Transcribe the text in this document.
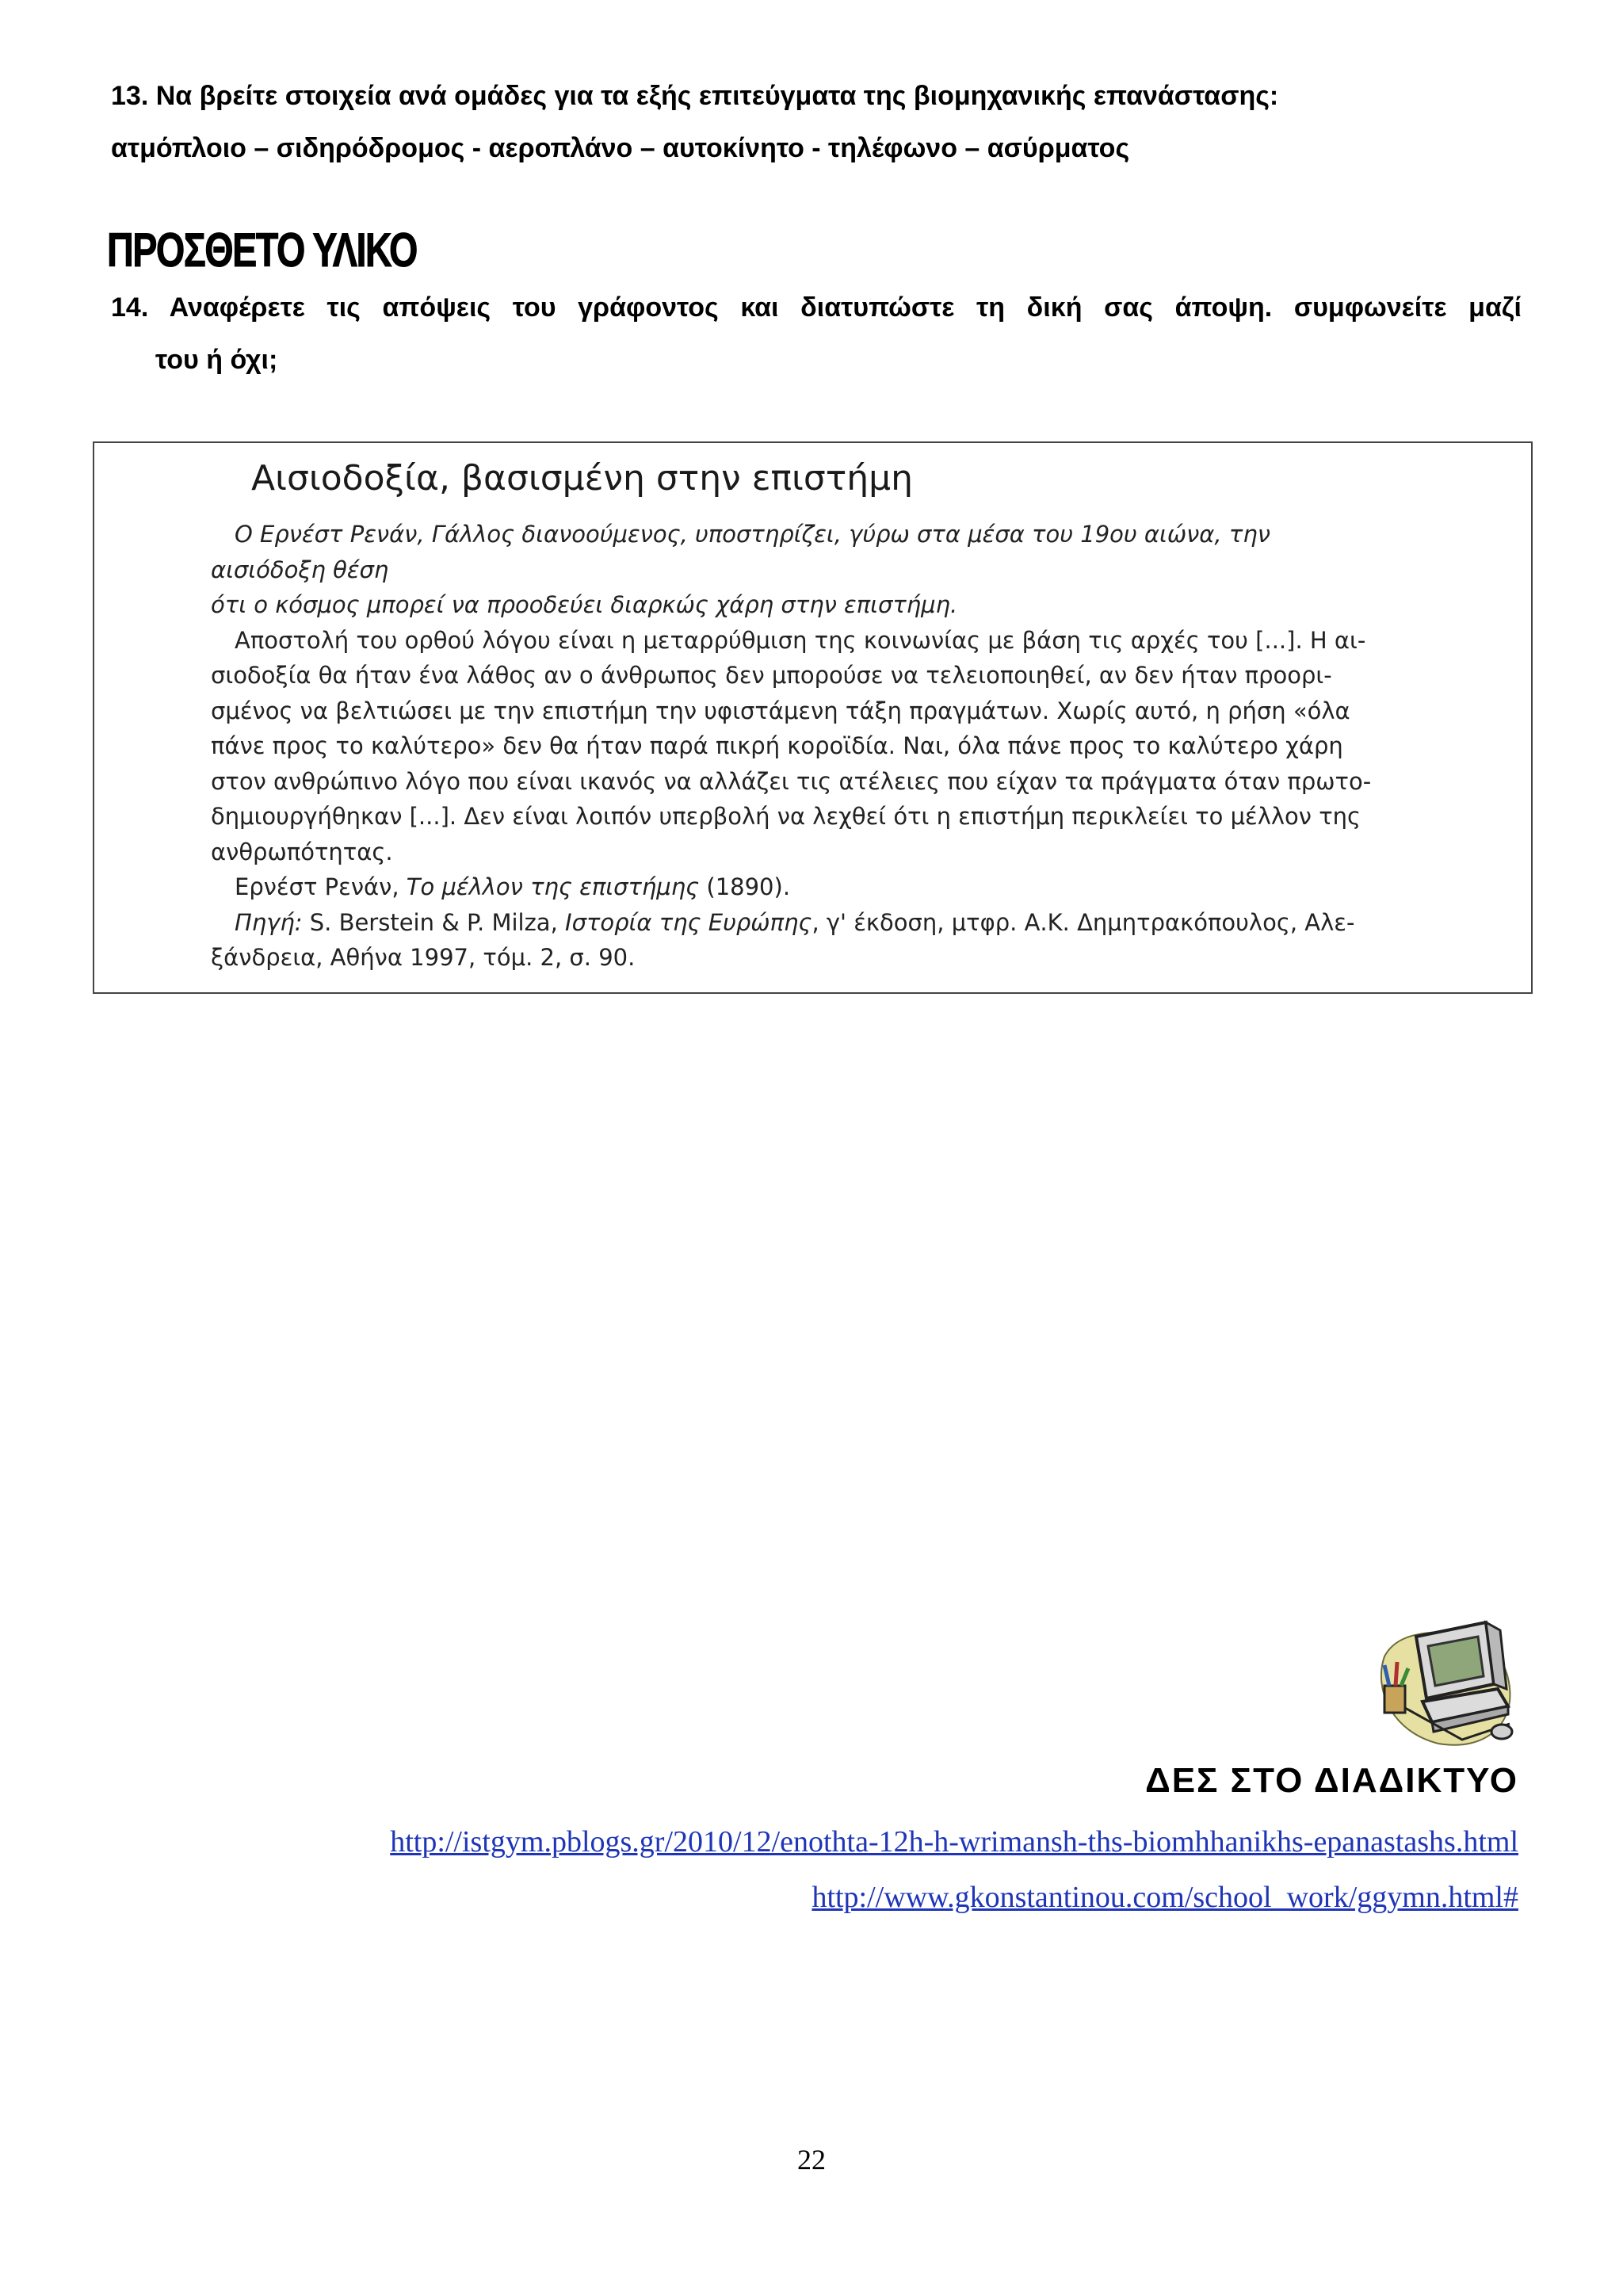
13. Να βρείτε στοιχεία ανά ομάδες για τα εξής επιτεύγματα της βιομηχανικής επανάστασης:
ατμόπλοιο – σιδηρόδρομος - αεροπλάνο – αυτοκίνητο - τηλέφωνο – ασύρματος
ΠΡΟΣΘΕΤΟ ΥΛΙΚΟ
14. Αναφέρετε τις απόψεις του γράφοντος και διατυπώστε τη δική σας άποψη. συμφωνείτε μαζί
του ή όχι;
Αισιοδοξία, βασισμένη στην επιστήμη

Ο Ερνέστ Ρενάν, Γάλλος διανοούμενος, υποστηρίζει, γύρω στα μέσα του 19ου αιώνα, την αισιόδοξη θέση

ότι ο κόσμος μπορεί να προοδεύει διαρκώς χάρη στην επιστήμη.

Αποστολή του ορθού λόγου είναι η μεταρρύθμιση της κοινωνίας με βάση τις αρχές του [...]. Η αι-

σιοδοξία θα ήταν ένα λάθος αν ο άνθρωπος δεν μπορούσε να τελειοποιηθεί, αν δεν ήταν προορι-

σμένος να βελτιώσει με την επιστήμη την υφιστάμενη τάξη πραγμάτων. Χωρίς αυτό, η ρήση «όλα

πάνε προς το καλύτερο» δεν θα ήταν παρά πικρή κοροϊδία. Ναι, όλα πάνε προς το καλύτερο χάρη

στον ανθρώπινο λόγο που είναι ικανός να αλλάζει τις ατέλειες που είχαν τα πράγματα όταν πρωτο-

δημιουργήθηκαν [...]. Δεν είναι λοιπόν υπερβολή να λεχθεί ότι η επιστήμη περικλείει το μέλλον της

ανθρωπότητας.

Ερνέστ Ρενάν, Το μέλλον της επιστήμης (1890).

Πηγή: S. Berstein & P. Milza, Ιστορία της Ευρώπης, γ' έκδοση, μτφρ. Α.Κ. Δημητρακόπουλος, Αλε-

ξάνδρεια, Αθήνα 1997, τόμ. 2, σ. 90.

ΔΕΣ ΣΤΟ ΔΙΑΔΙΚΤΥΟ
http://istgym.pblogs.gr/2010/12/enothta-12h-h-wrimansh-ths-biomhhanikhs-epanastashs.html
http://www.gkonstantinou.com/school_work/ggymn.html#
22
